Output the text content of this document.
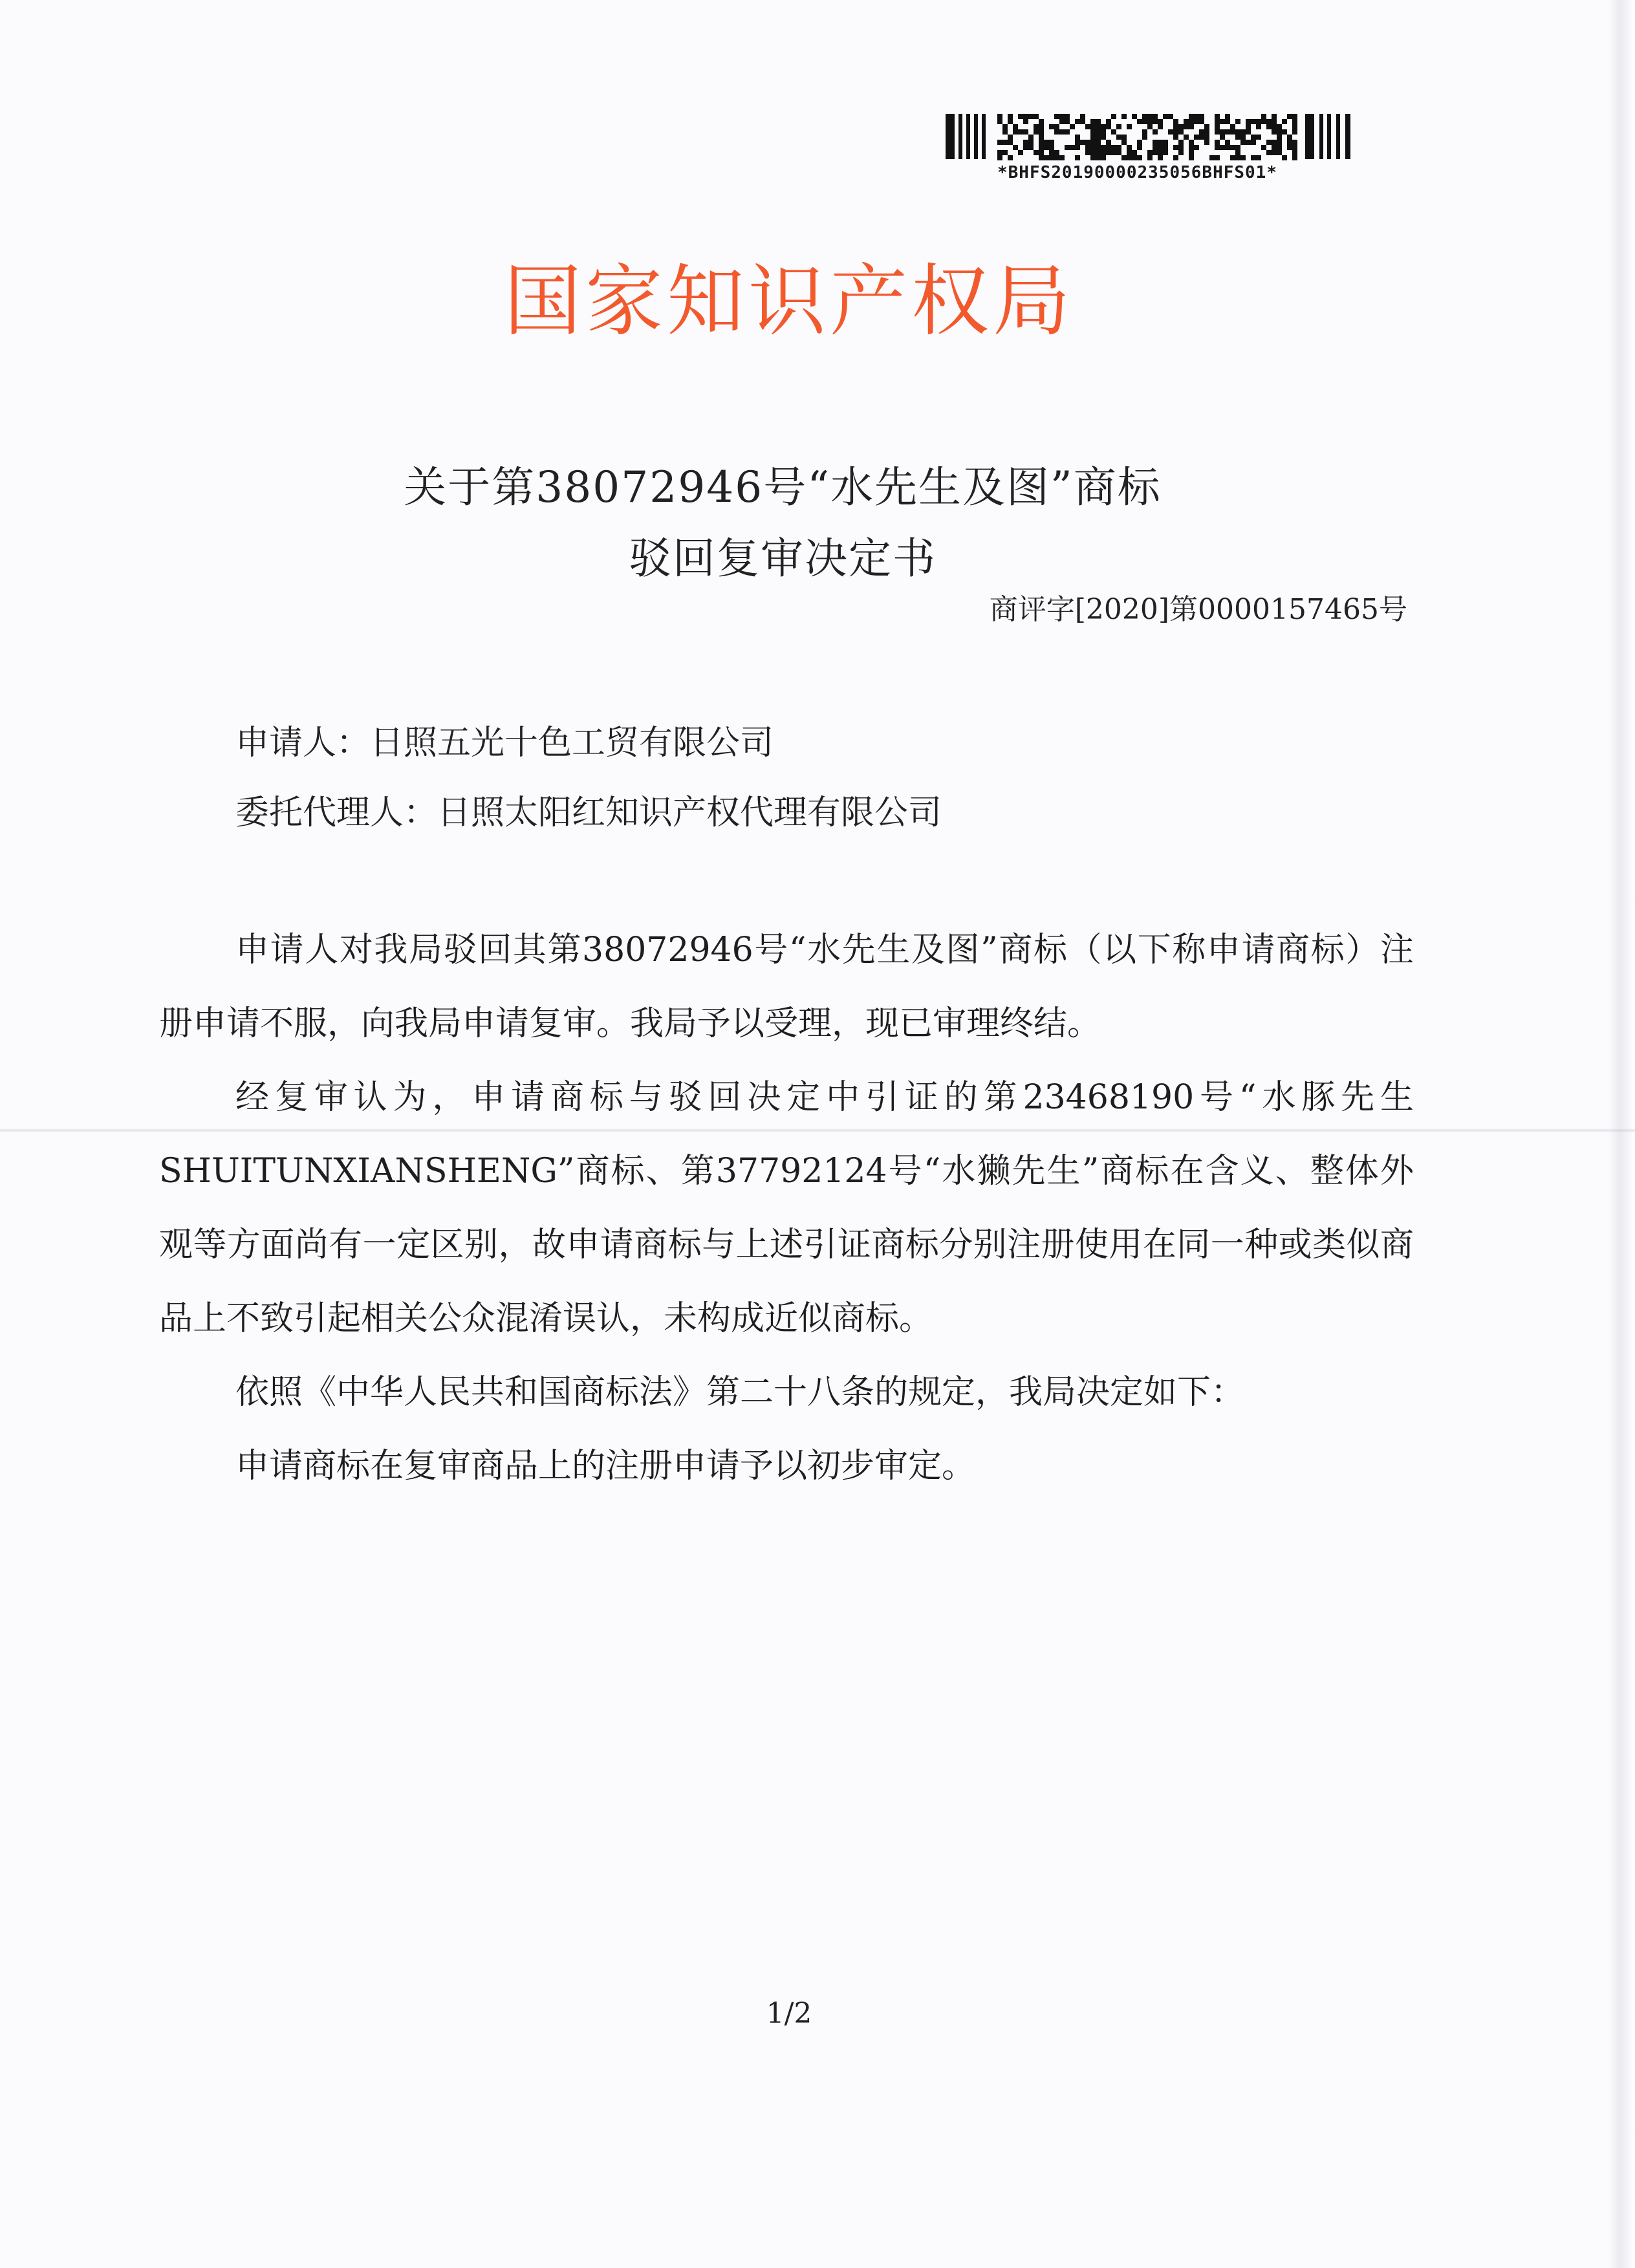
*BHFS20190000235056BHFS01*
国家知识产权局
关于第38072946号“水先生及图”商标
驳回复审决定书
商评字[2020]第0000157465号
申请人：日照五光十色工贸有限公司
委托代理人：日照太阳红知识产权代理有限公司

申请人对我局驳回其第38072946号“水先生及图”商标（以下称申请商标）注册申请不服，向我局申请复审。我局予以受理，现已审理终结。

经复审认为，申请商标与驳回决定中引证的第23468190号“水豚先生SHUITUNXIANSHENG”商标、第37792124号“水獭先生”商标在含义、整体外观等方面尚有一定区别，故申请商标与上述引证商标分别注册使用在同一种或类似商品上不致引起相关公众混淆误认，未构成近似商标。

依照《中华人民共和国商标法》第二十八条的规定，我局决定如下：

申请商标在复审商品上的注册申请予以初步审定。

1/2
